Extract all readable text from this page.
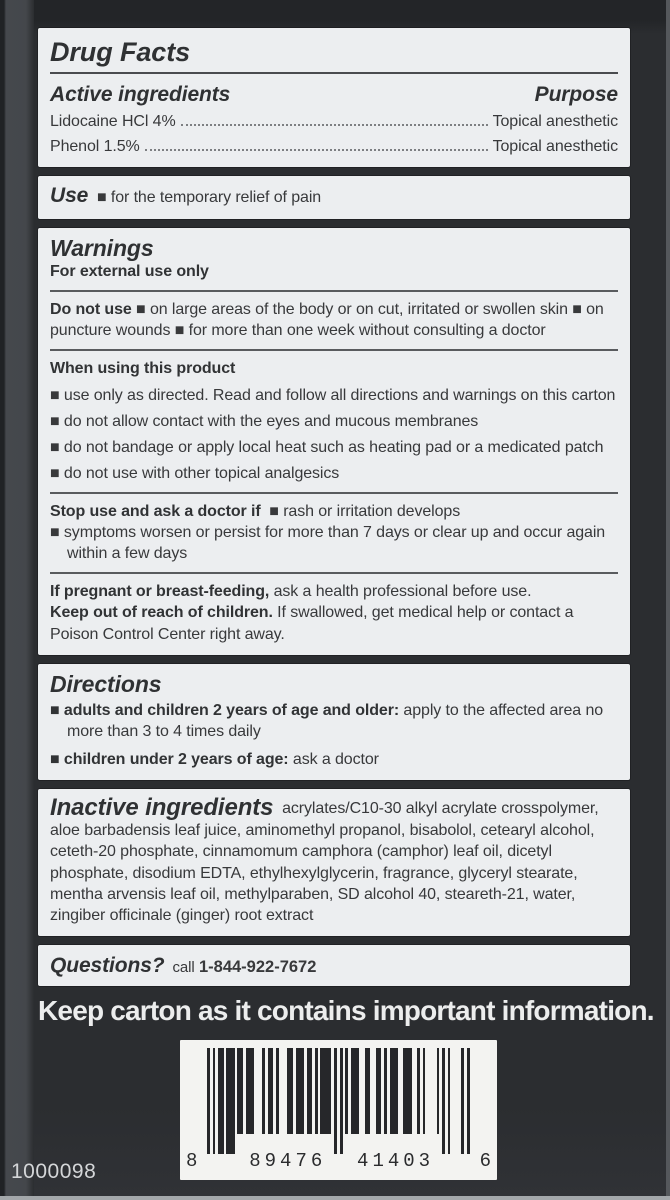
Drug Facts
Active ingredients	Purpose
Lidocaine HCl 4%	Topical anesthetic
Phenol 1.5%	Topical anesthetic

Use ■ for the temporary relief of pain

Warnings

For external use only

Do not use ■ on large areas of the body or on cut, irritated or swollen skin ■ on puncture wounds ■ for more than one week without consulting a doctor

When using this product

■ use only as directed. Read and follow all directions and warnings on this carton

■ do not allow contact with the eyes and mucous membranes

■ do not bandage or apply local heat such as heating pad or a medicated patch

■ do not use with other topical analgesics

Stop use and ask a doctor if ■ rash or irritation develops

■ symptoms worsen or persist for more than 7 days or clear up and occur again within a few days

If pregnant or breast-feeding, ask a health professional before use.

Keep out of reach of children. If swallowed, get medical help or contact a Poison Control Center right away.

Directions

■ adults and children 2 years of age and older: apply to the affected area no more than 3 to 4 times daily

■ children under 2 years of age: ask a doctor

Inactive ingredients acrylates/C10-30 alkyl acrylate crosspolymer, aloe barbadensis leaf juice, aminomethyl propanol, bisabolol, cetearyl alcohol, ceteth-20 phosphate, cinnamomum camphora (camphor) leaf oil, dicetyl phosphate, disodium EDTA, ethylhexylglycerin, fragrance, glyceryl stearate, mentha arvensis leaf oil, methylparaben, SD alcohol 40, steareth-21, water, zingiber officinale (ginger) root extract

Questions? call 1-844-922-7672
Keep carton as it contains important information.
8	89476 41403 6
1000098
